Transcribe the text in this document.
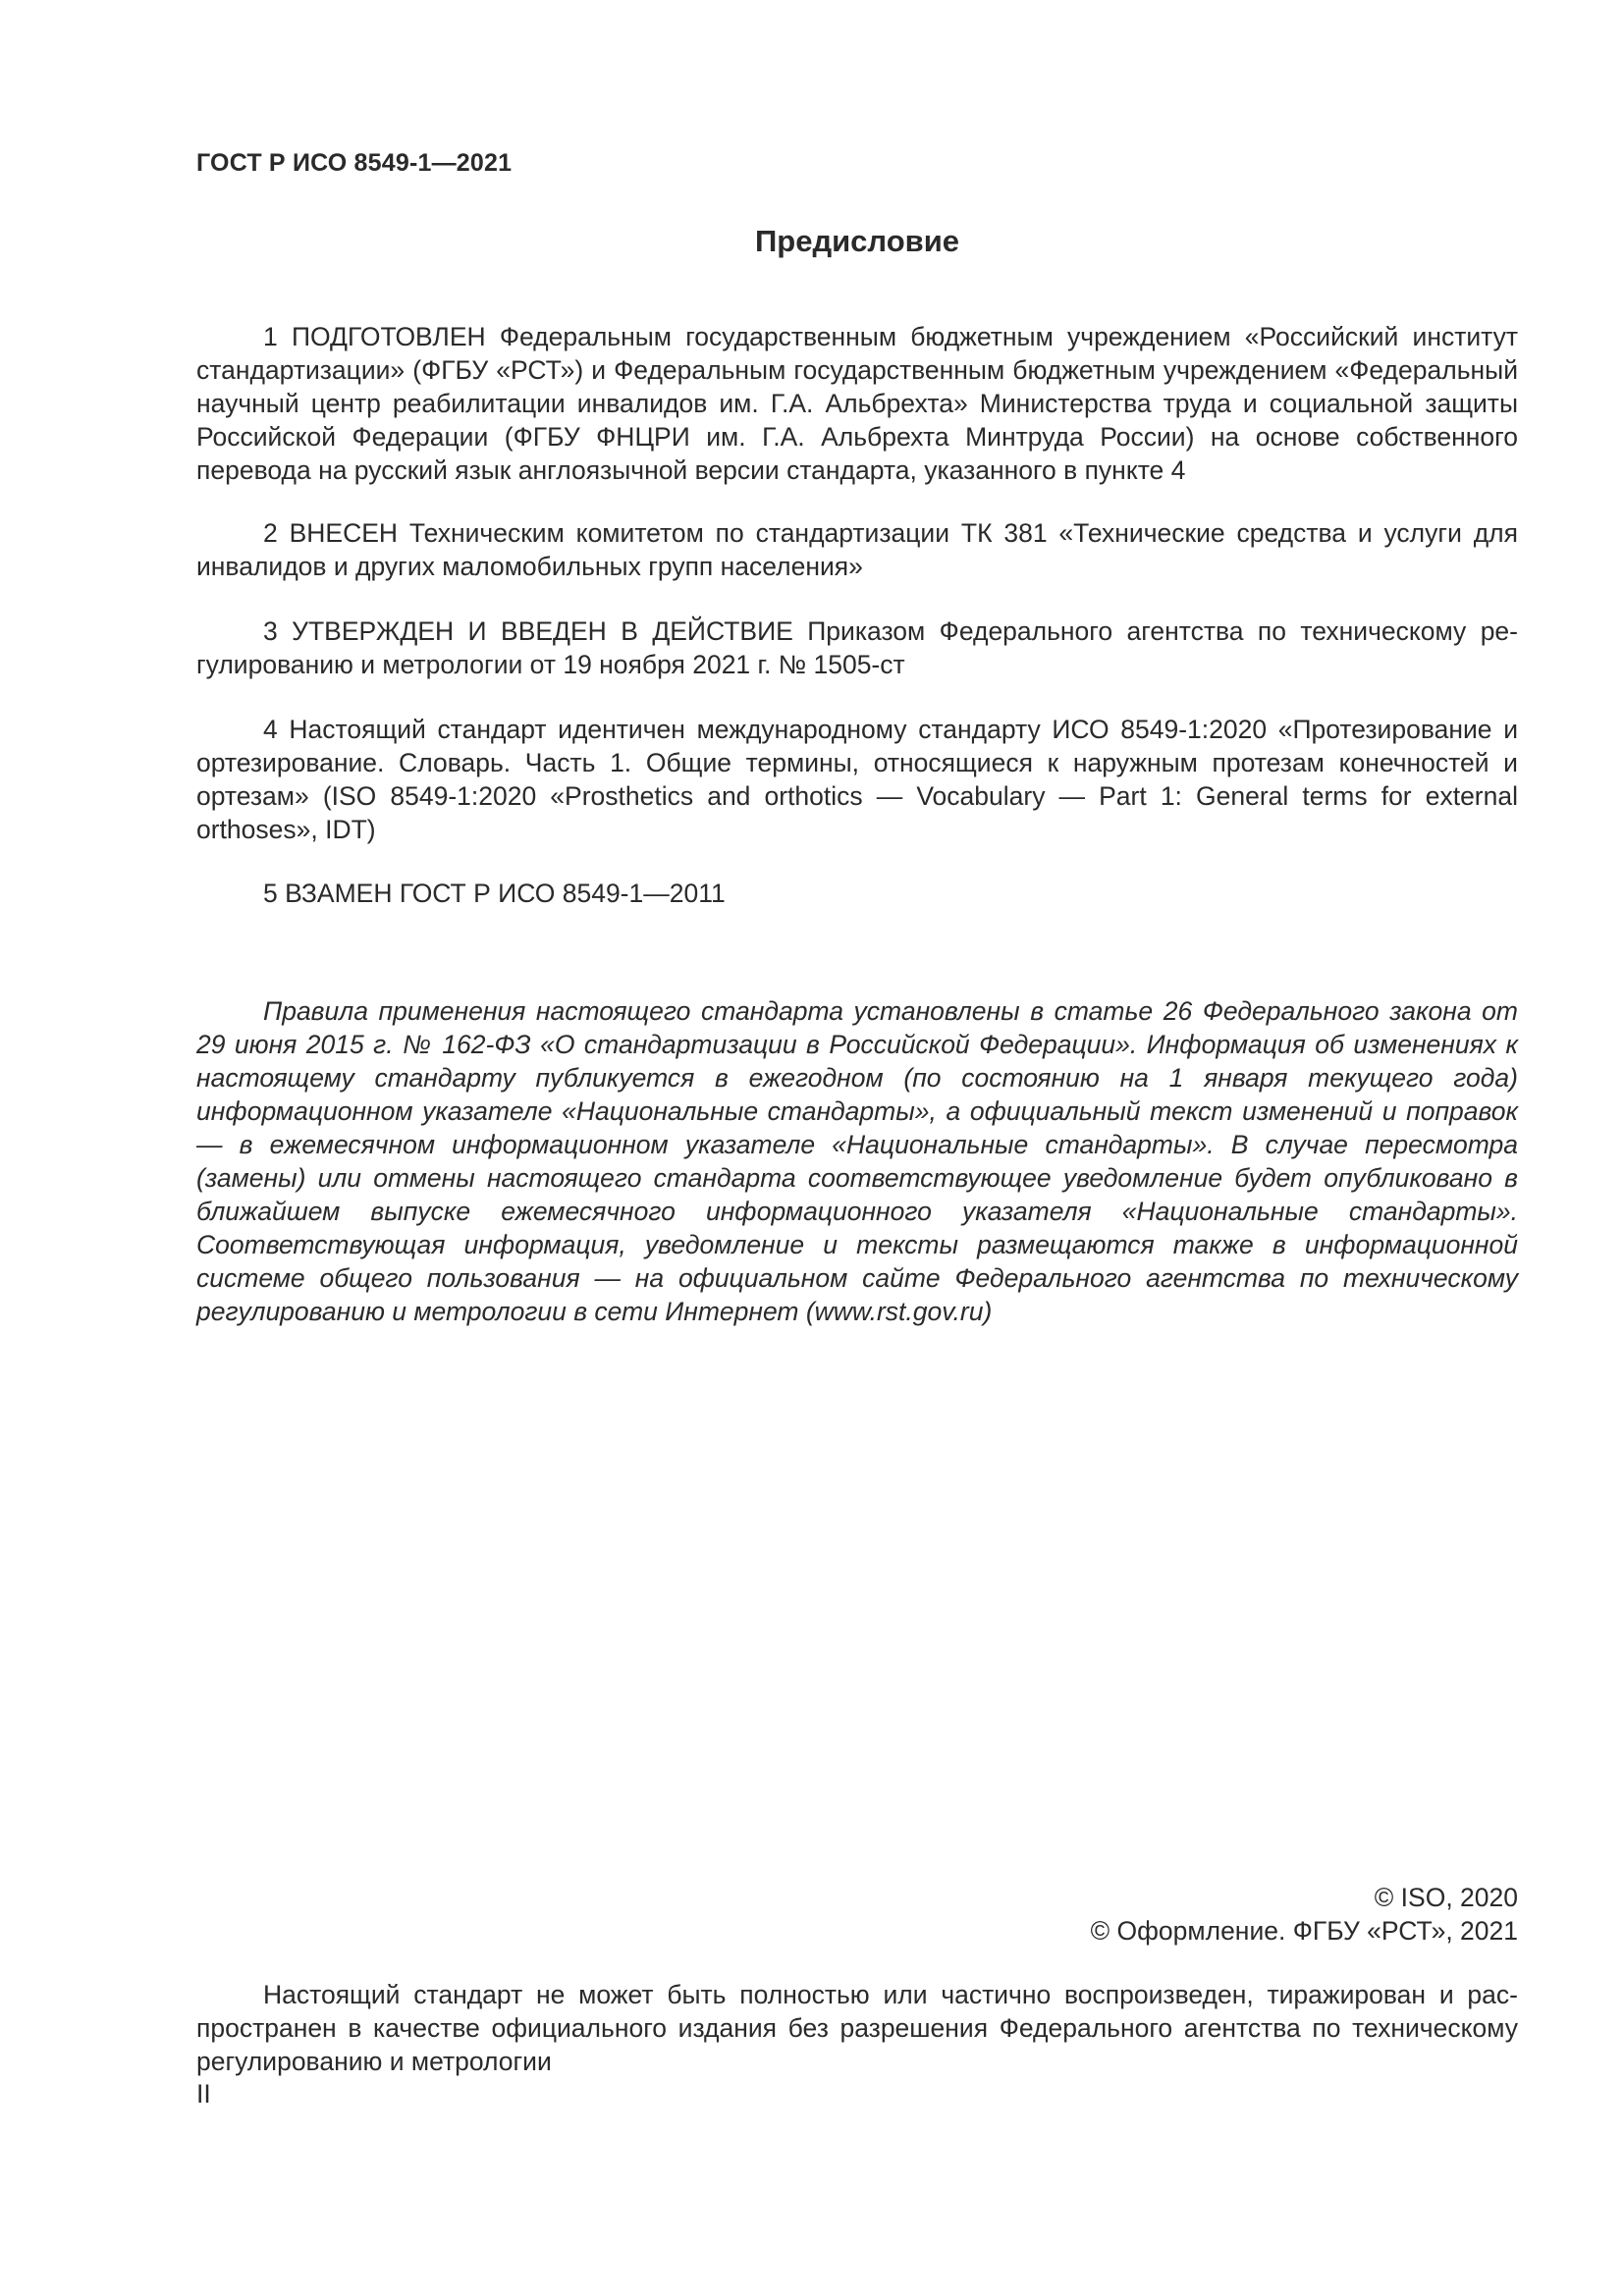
ГОСТ Р ИСО 8549-1—2021
Предисловие

1 ПОДГОТОВЛЕН Федеральным государственным бюджетным учреждением «Российский институт стандартизации» (ФГБУ «РСТ») и Федеральным государственным бюджетным учреждением «Федеральный научный центр реабилитации инвалидов им. Г.А. Альбрехта» Министерства труда и социальной защиты Российской Федерации (ФГБУ ФНЦРИ им. Г.А. Альбрехта Минтруда России) на основе собственного перевода на русский язык англоязычной версии стандарта, указанного в пункте 4

2 ВНЕСЕН Техническим комитетом по стандартизации ТК 381 «Технические средства и услуги для инвалидов и других маломобильных групп населения»

3 УТВЕРЖДЕН И ВВЕДЕН В ДЕЙСТВИЕ Приказом Федерального агентства по техническому регулированию и метрологии от 19 ноября 2021 г. № 1505-ст

4 Настоящий стандарт идентичен международному стандарту ИСО 8549-1:2020 «Протезирование и ортезирование. Словарь. Часть 1. Общие термины, относящиеся к наружным протезам конечностей и ортезам» (ISO 8549-1:2020 «Prosthetics and orthotics — Vocabulary — Part 1: General terms for external orthoses», IDT)

5 ВЗАМЕН ГОСТ Р ИСО 8549-1—2011

Правила применения настоящего стандарта установлены в статье 26 Федерального закона от 29 июня 2015 г. № 162-ФЗ «О стандартизации в Российской Федерации». Информация об изменениях к настоящему стандарту публикуется в ежегодном (по состоянию на 1 января текущего года) информационном указателе «Национальные стандарты», а официальный текст изменений и поправок — в ежемесячном информационном указателе «Национальные стандарты». В случае пересмотра (замены) или отмены настоящего стандарта соответствующее уведомление будет опубликовано в ближайшем выпуске ежемесячного информационного указателя «Национальные стандарты». Соответствующая информация, уведомление и тексты размещаются также в информационной системе общего пользования — на официальном сайте Федерального агентства по техническому регулированию и метрологии в сети Интернет (www.rst.gov.ru)

© ISO, 2020
© Оформление. ФГБУ «РСТ», 2021

Настоящий стандарт не может быть полностью или частично воспроизведен, тиражирован и распространен в качестве официального издания без разрешения Федерального агентства по техническому регулированию и метрологии

II
